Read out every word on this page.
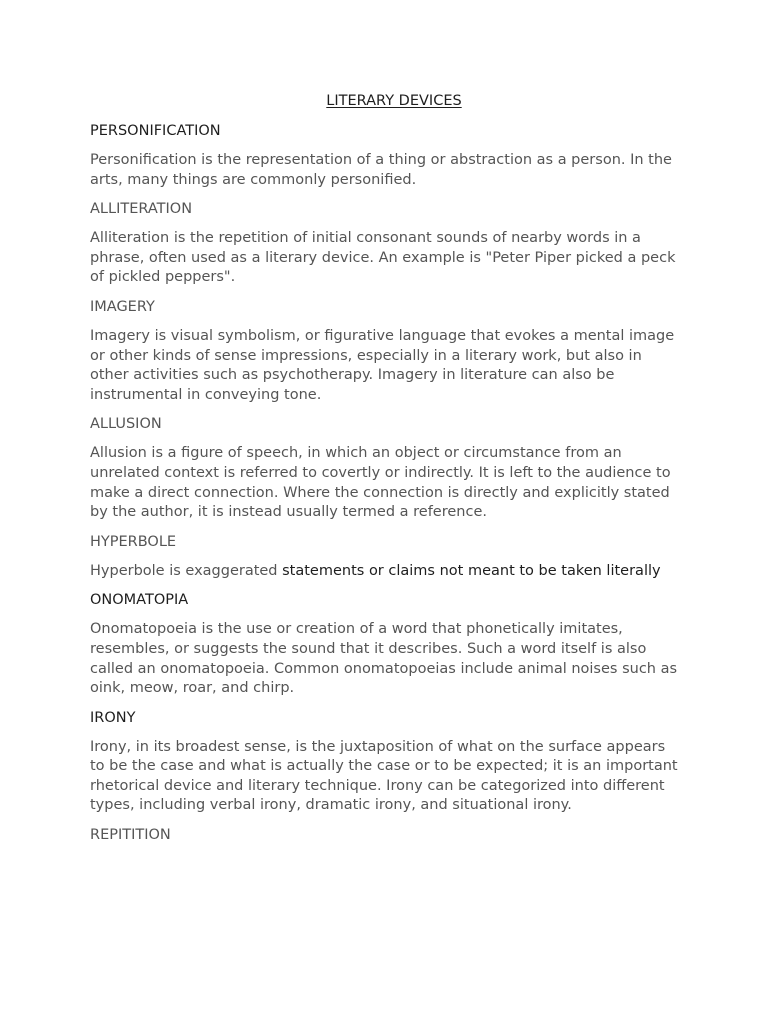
LITERARY DEVICES
PERSONIFICATION
Personification is the representation of a thing or abstraction as a person. In the arts, many things are commonly personified.
ALLITERATION
Alliteration is the repetition of initial consonant sounds of nearby words in a phrase, often used as a literary device. An example is "Peter Piper picked a peck of pickled peppers".
IMAGERY
Imagery is visual symbolism, or figurative language that evokes a mental image or other kinds of sense impressions, especially in a literary work, but also in other activities such as psychotherapy. Imagery in literature can also be instrumental in conveying tone.
ALLUSION
Allusion is a figure of speech, in which an object or circumstance from an unrelated context is referred to covertly or indirectly. It is left to the audience to make a direct connection. Where the connection is directly and explicitly stated by the author, it is instead usually termed a reference.
HYPERBOLE
Hyperbole is exaggerated statements or claims not meant to be taken literally
ONOMATOPIA
Onomatopoeia is the use or creation of a word that phonetically imitates, resembles, or suggests the sound that it describes. Such a word itself is also called an onomatopoeia. Common onomatopoeias include animal noises such as oink, meow, roar, and chirp.
IRONY
Irony, in its broadest sense, is the juxtaposition of what on the surface appears to be the case and what is actually the case or to be expected; it is an important rhetorical device and literary technique. Irony can be categorized into different types, including verbal irony, dramatic irony, and situational irony.
REPITITION
